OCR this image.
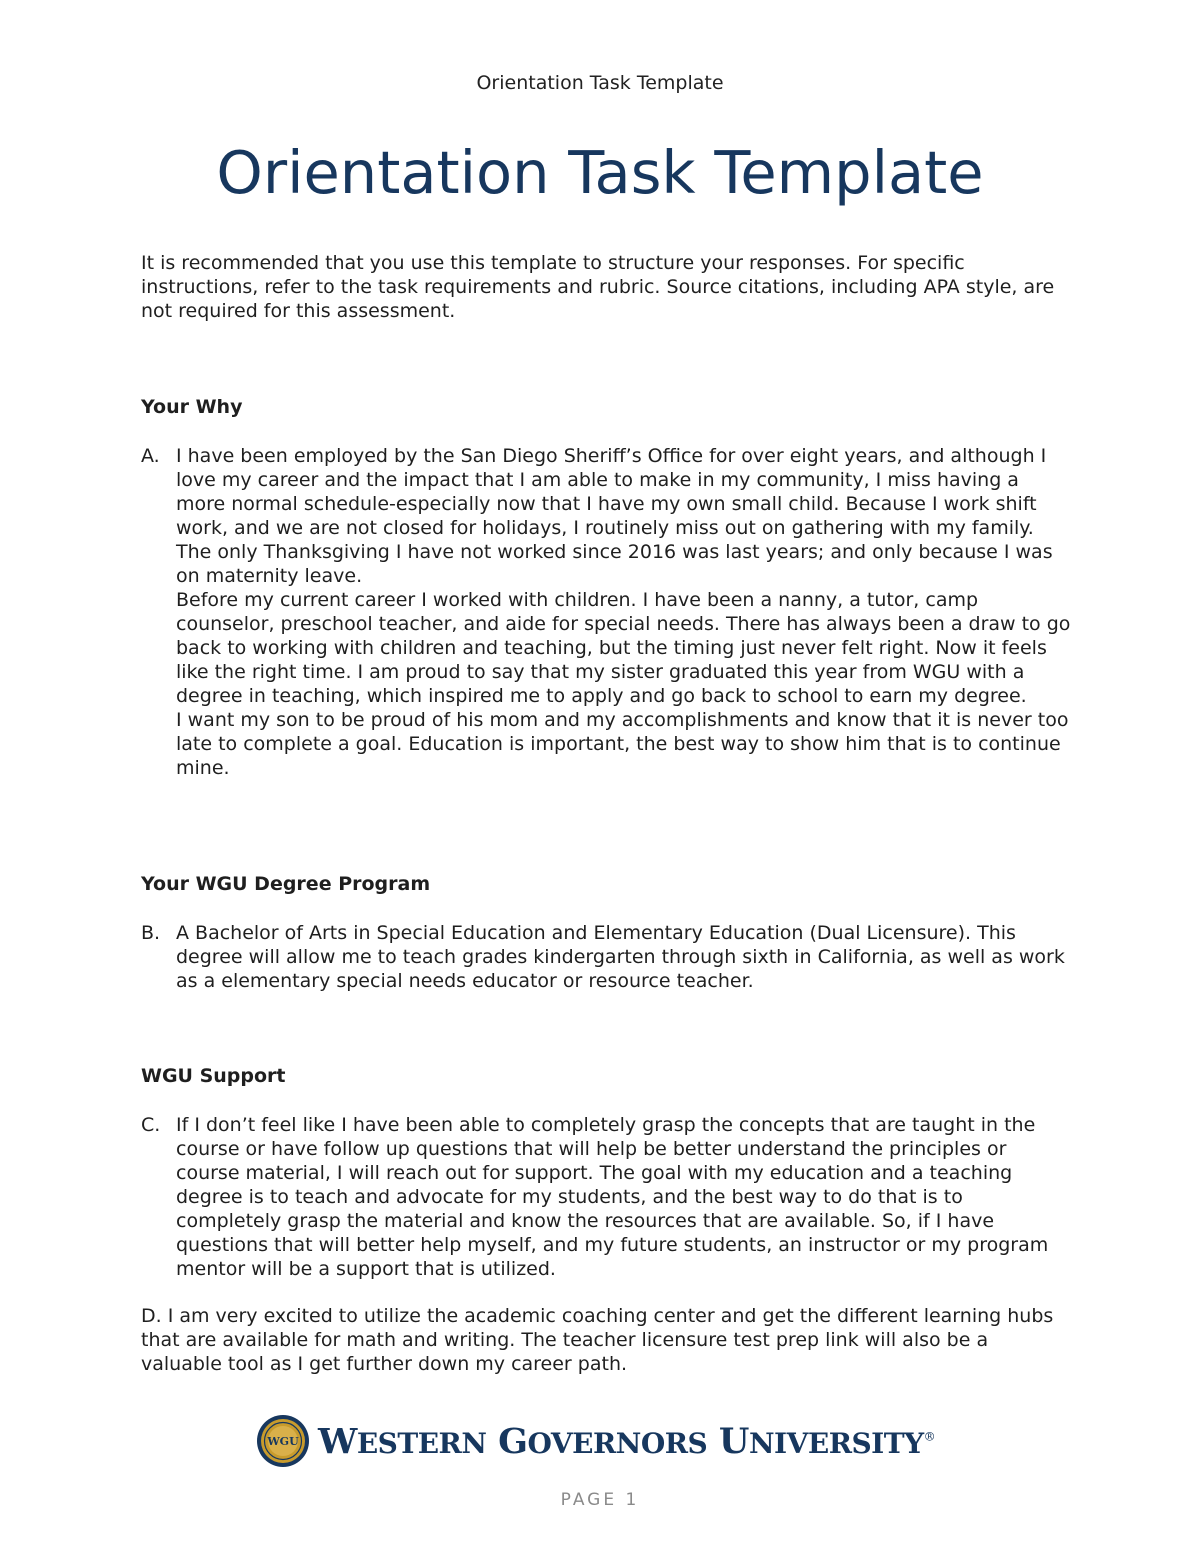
Orientation Task Template
Orientation Task Template
It is recommended that you use this template to structure your responses. For specific instructions, refer to the task requirements and rubric. Source citations, including APA style, are not required for this assessment.
Your Why
A. I have been employed by the San Diego Sheriff’s Office for over eight years, and although I love my career and the impact that I am able to make in my community, I miss having a more normal schedule-especially now that I have my own small child. Because I work shift work, and we are not closed for holidays, I routinely miss out on gathering with my family. The only Thanksgiving I have not worked since 2016 was last years; and only because I was on maternity leave.

Before my current career I worked with children. I have been a nanny, a tutor, camp counselor, preschool teacher, and aide for special needs. There has always been a draw to go back to working with children and teaching, but the timing just never felt right. Now it feels like the right time. I am proud to say that my sister graduated this year from WGU with a degree in teaching, which inspired me to apply and go back to school to earn my degree.

I want my son to be proud of his mom and my accomplishments and know that it is never too late to complete a goal. Education is important, the best way to show him that is to continue mine.

Your WGU Degree Program
B. A Bachelor of Arts in Special Education and Elementary Education (Dual Licensure). This degree will allow me to teach grades kindergarten through sixth in California, as well as work as a elementary special needs educator or resource teacher.
WGU Support
C. If I don’t feel like I have been able to completely grasp the concepts that are taught in the course or have follow up questions that will help be better understand the principles or course material, I will reach out for support. The goal with my education and a teaching degree is to teach and advocate for my students, and the best way to do that is to completely grasp the material and know the resources that are available. So, if I have questions that will better help myself, and my future students, an instructor or my program mentor will be a support that is utilized.
D. I am very excited to utilize the academic coaching center and get the different learning hubs that are available for math and writing. The teacher licensure test prep link will also be a valuable tool as I get further down my career path.
WGU WESTERN GOVERNORS UNIVERSITY®
PAGE 1
